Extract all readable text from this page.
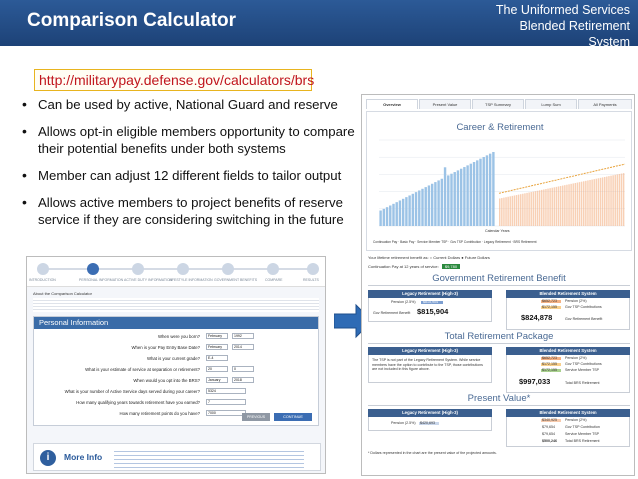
Comparison Calculator	The Uniformed Services
Blended Retirement
System
http://militarypay.defense.gov/calculators/brs
• Can be used by active, National Guard and reserve
• Allows opt-in eligible members opportunity to compare their potential benefits under both systems
• Member can adjust 12 different fields to tailor output
• Allows active members to project benefits of reserve service if they are considering switching in the future
INTRODUCTION	PERSONAL INFORMATION ACTIVE DUTY INFORMATION
LIFESTYLE INFORMATION GOVERNMENT BENEFITS COMPARE	RESULTS
About the Comparison Calculator
Personal Information
When were you born?	February	1992
When is your Pay Entry Base Date?	February	2014
What is your current grade?	E-4
What is your estimate of service at separation or retirement?	20	0
When would you opt into the BRS?	January	2018
What is your number of Active Service days served during your career?	5324
How many qualifying years towards retirement have you earned?	7
How many retirement points do you have?	7000
PREVIOUS	CONTINUE
i	More Info
Overview	Present Value	TSP Summary	Lump Sum	All Payments
Career & Retirement
Calendar Years
Continuation Pay · Basic Pay · Service Member TSP · Gov TSP Contribution · Legacy Retirement · BRS Retirement
Your lifetime retirement benefit as: ○ Current Dollars ● Future Dollars
Continuation Pay at 12 years of service: $9,780
Government Retirement Benefit
Legacy Retirement (High-3)
Pension (2.5%) $815,904
Gov Retirement Benefit $815,904
Blended Retirement System
$652,723 Pension (2%)
$172,155 Gov TSP Contributions
$824,878	Gov Retirement Benefit
Total Retirement Package
Legacy Retirement (High-3)
The TSP is not part of the Legacy Retirement System. While service members have the option to contribute to the TSP, those contributions are not included in this figure above.
Blended Retirement System
$652,723 Pension (2%)
$172,155 Gov TSP Contributions
$172,155 Service Member TSP
$997,033	Total BRS Retirement
Present Value*
Legacy Retirement (High-3)
Pension (2.5%) $420,693
Blended Retirement System
$340,925 Pension (2%)
$79,654	Gov TSP Contribution
$79,654	Service Member TSP
$500,246 Total BRS Retirement
* Dollars represented in the chart are the present value of the projected amounts.
